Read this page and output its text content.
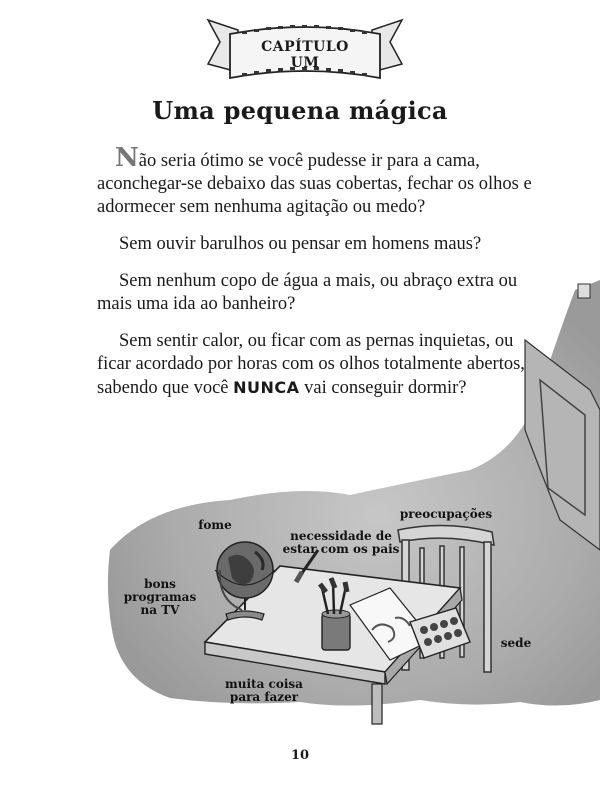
CAPÍTULO
UM
Uma pequena mágica

Não seria ótimo se você pudesse ir para a cama, aconchegar-se debaixo das suas cobertas, fechar os olhos e adormecer sem nenhuma agitação ou medo?

Sem ouvir barulhos ou pensar em homens maus?

Sem nenhum copo de água a mais, ou abraço extra ou mais uma ida ao banheiro?

Sem sentir calor, ou ficar com as pernas inquietas, ou ficar acordado por horas com os olhos totalmente abertos, sabendo que você NUNCA vai conseguir dormir?

fome
necessidade de
estar com os pais
preocupações
bons
programas
na TV
sede
muita coisa
para fazer
10
